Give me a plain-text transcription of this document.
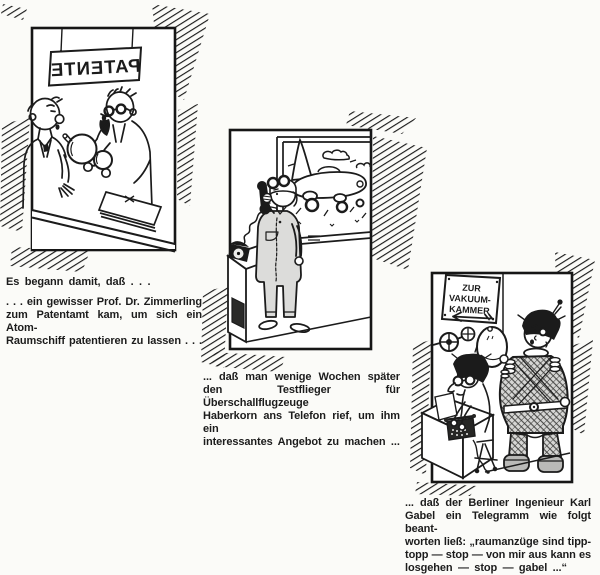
PATENTE
ZUR
VAKUUM-
KAMMER
Es begann damit, daß . . .
. . . ein gewisser Prof. Dr. Zimmerling
zum Patentamt kam, um sich ein Atom-
Raumschiff patentieren zu lassen . . .
... daß man wenige Wochen später
den Testflieger für Überschallflugzeuge
Haberkorn ans Telefon rief, um ihm ein
interessantes Angebot zu machen ...
... daß der Berliner Ingenieur Karl
Gabel ein Telegramm wie folgt beant-
worten ließ: „raumanzüge sind tipp-
topp — stop — von mir aus kann es
losgehen — stop — gabel ...“
